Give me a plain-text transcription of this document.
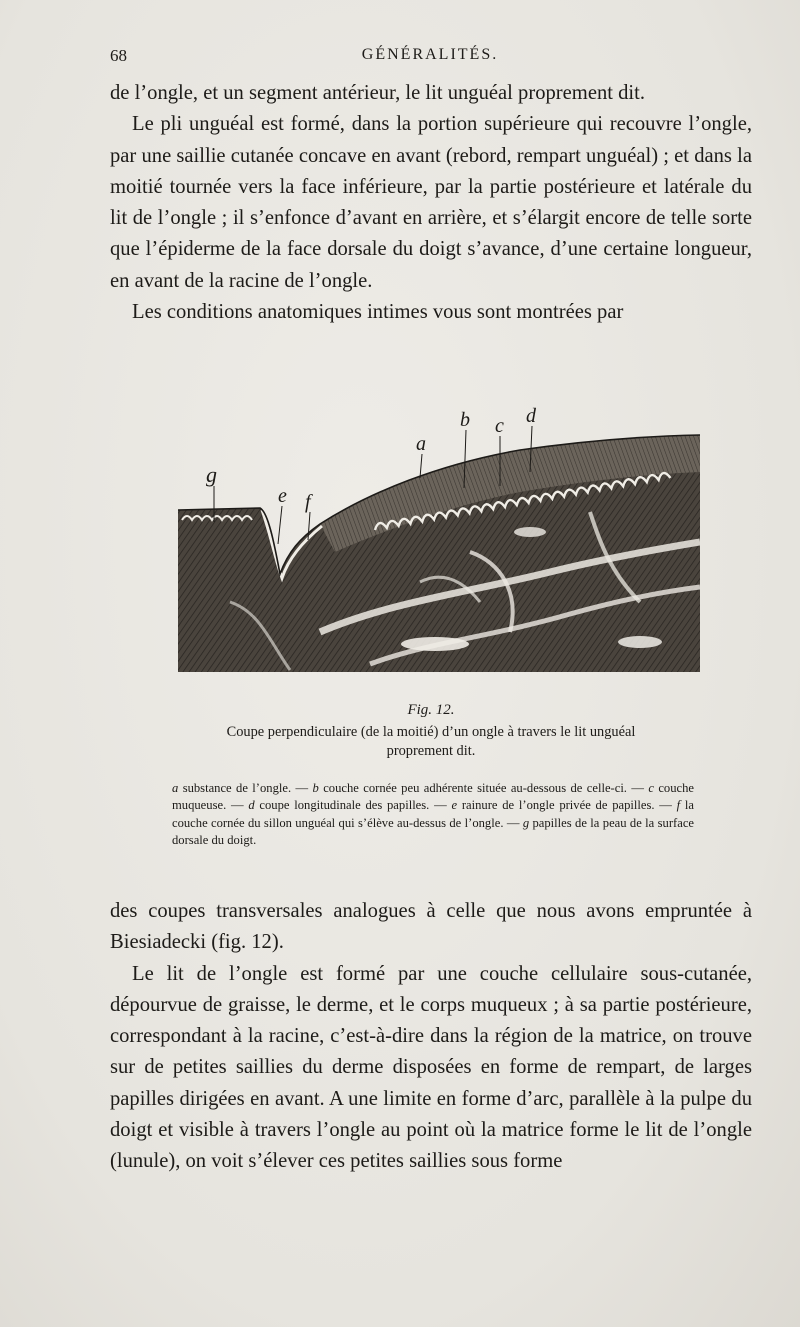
68	GÉNÉRALITÉS.

de l’ongle, et un segment antérieur, le lit unguéal proprement dit.

Le pli unguéal est formé, dans la portion supérieure qui recouvre l’ongle, par une saillie cutanée concave en avant (rebord, rempart unguéal) ; et dans la moitié tournée vers la face inférieure, par la partie postérieure et latérale du lit de l’ongle ; il s’enfonce d’avant en arrière, et s’élargit encore de telle sorte que l’épiderme de la face dorsale du doigt s’avance, d’une certaine longueur, en avant de la racine de l’ongle.

Les conditions anatomiques intimes vous sont montrées par

g
e f
a
b c d
Fig. 12.
Coupe perpendiculaire (de la moitié) d’un ongle à travers le lit unguéal proprement dit.

a substance de l’ongle. — b couche cornée peu adhérente située au-dessous de celle-ci. — c couche muqueuse. — d coupe longitudinale des papilles. — e rainure de l’ongle privée de papilles. — f la couche cornée du sillon unguéal qui s’élève au-dessus de l’ongle. — g papilles de la peau de la surface dorsale du doigt.

des coupes transversales analogues à celle que nous avons empruntée à Biesiadecki (fig. 12).

Le lit de l’ongle est formé par une couche cellulaire sous-cutanée, dépourvue de graisse, le derme, et le corps muqueux ; à sa partie postérieure, correspondant à la racine, c’est-à-dire dans la région de la matrice, on trouve sur de petites saillies du derme disposées en forme de rempart, de larges papilles dirigées en avant. A une limite en forme d’arc, parallèle à la pulpe du doigt et visible à travers l’ongle au point où la matrice forme le lit de l’ongle (lunule), on voit s’élever ces petites saillies sous forme
